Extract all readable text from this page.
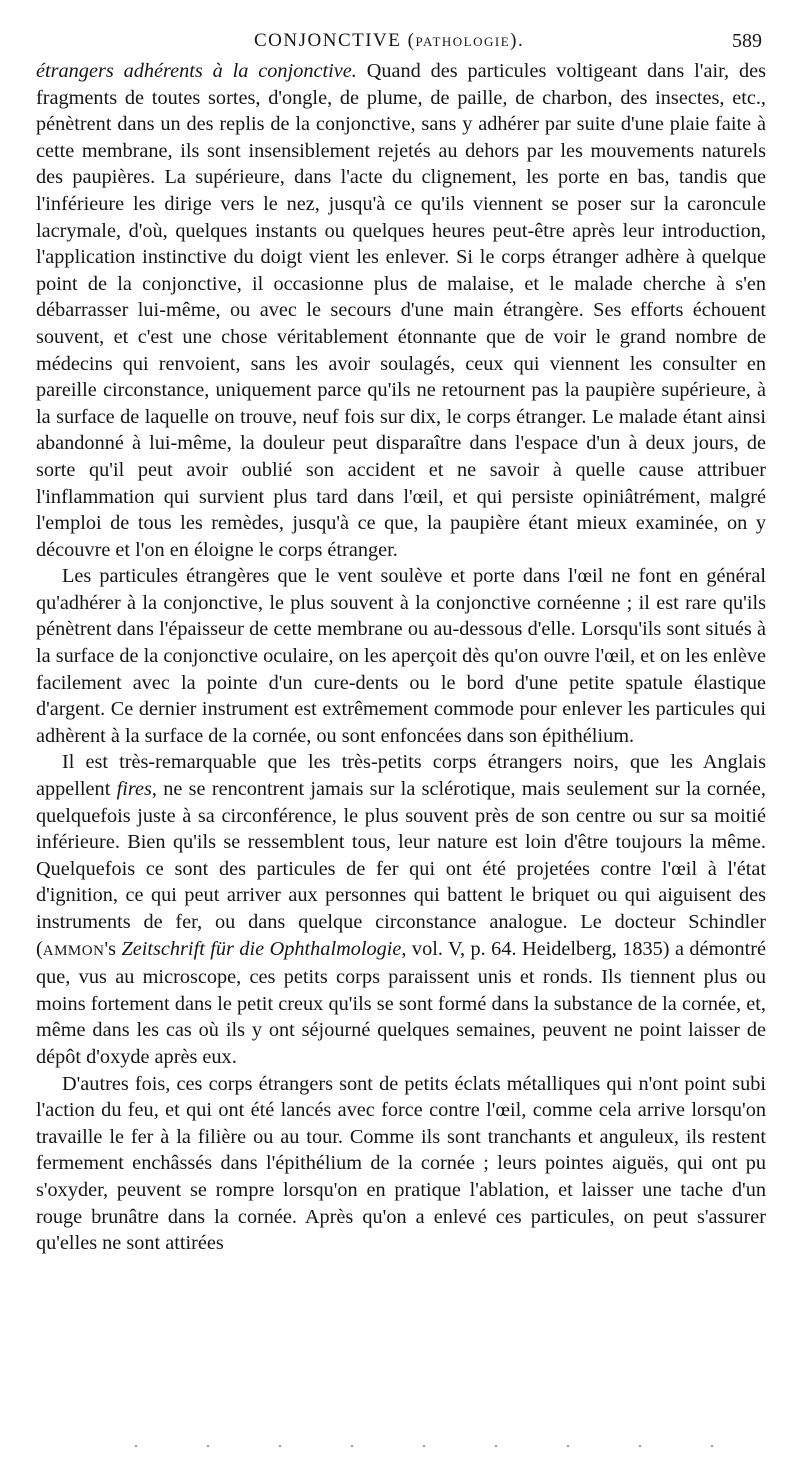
CONJONCTIVE (PATHOLOGIE).	589

étrangers adhérents à la conjonctive. Quand des particules voltigeant dans l'air, des fragments de toutes sortes, d'ongle, de plume, de paille, de charbon, des insectes, etc., pénètrent dans un des replis de la conjonctive, sans y adhérer par suite d'une plaie faite à cette membrane, ils sont insensiblement rejetés au dehors par les mouvements naturels des paupières. La supérieure, dans l'acte du clignement, les porte en bas, tandis que l'inférieure les dirige vers le nez, jusqu'à ce qu'ils viennent se poser sur la caroncule lacrymale, d'où, quelques instants ou quelques heures peut-être après leur introduction, l'application instinctive du doigt vient les enlever. Si le corps étranger adhère à quelque point de la conjonctive, il occasionne plus de malaise, et le malade cherche à s'en débarrasser lui-même, ou avec le secours d'une main étrangère. Ses efforts échouent souvent, et c'est une chose véritablement étonnante que de voir le grand nombre de médecins qui renvoient, sans les avoir soulagés, ceux qui viennent les consulter en pareille circonstance, uniquement parce qu'ils ne retournent pas la paupière supérieure, à la surface de laquelle on trouve, neuf fois sur dix, le corps étranger. Le malade étant ainsi abandonné à lui-même, la douleur peut disparaître dans l'espace d'un à deux jours, de sorte qu'il peut avoir oublié son accident et ne savoir à quelle cause attribuer l'inflammation qui survient plus tard dans l'œil, et qui persiste opiniâtrément, malgré l'emploi de tous les remèdes, jusqu'à ce que, la paupière étant mieux examinée, on y découvre et l'on en éloigne le corps étranger.

Les particules étrangères que le vent soulève et porte dans l'œil ne font en général qu'adhérer à la conjonctive, le plus souvent à la conjonctive cornéenne ; il est rare qu'ils pénètrent dans l'épaisseur de cette membrane ou au-dessous d'elle. Lorsqu'ils sont situés à la surface de la conjonctive oculaire, on les aperçoit dès qu'on ouvre l'œil, et on les enlève facilement avec la pointe d'un cure-dents ou le bord d'une petite spatule élastique d'argent. Ce dernier instrument est extrêmement commode pour enlever les particules qui adhèrent à la surface de la cornée, ou sont enfoncées dans son épithélium.

Il est très-remarquable que les très-petits corps étrangers noirs, que les Anglais appellent fires, ne se rencontrent jamais sur la sclérotique, mais seulement sur la cornée, quelquefois juste à sa circonférence, le plus souvent près de son centre ou sur sa moitié inférieure. Bien qu'ils se ressemblent tous, leur nature est loin d'être toujours la même. Quelquefois ce sont des particules de fer qui ont été projetées contre l'œil à l'état d'ignition, ce qui peut arriver aux personnes qui battent le briquet ou qui aiguisent des instruments de fer, ou dans quelque circonstance analogue. Le docteur Schindler (AMMON's Zeitschrift für die Ophthalmologie, vol. V, p. 64. Heidelberg, 1835) a démontré que, vus au microscope, ces petits corps paraissent unis et ronds. Ils tiennent plus ou moins fortement dans le petit creux qu'ils se sont formé dans la substance de la cornée, et, même dans les cas où ils y ont séjourné quelques semaines, peuvent ne point laisser de dépôt d'oxyde après eux.

D'autres fois, ces corps étrangers sont de petits éclats métalliques qui n'ont point subi l'action du feu, et qui ont été lancés avec force contre l'œil, comme cela arrive lorsqu'on travaille le fer à la filière ou au tour. Comme ils sont tranchants et anguleux, ils restent fermement enchâssés dans l'épithélium de la cornée ; leurs pointes aiguës, qui ont pu s'oxyder, peuvent se rompre lorsqu'on en pratique l'ablation, et laisser une tache d'un rouge brunâtre dans la cornée. Après qu'on a enlevé ces particules, on peut s'assurer qu'elles ne sont attirées
